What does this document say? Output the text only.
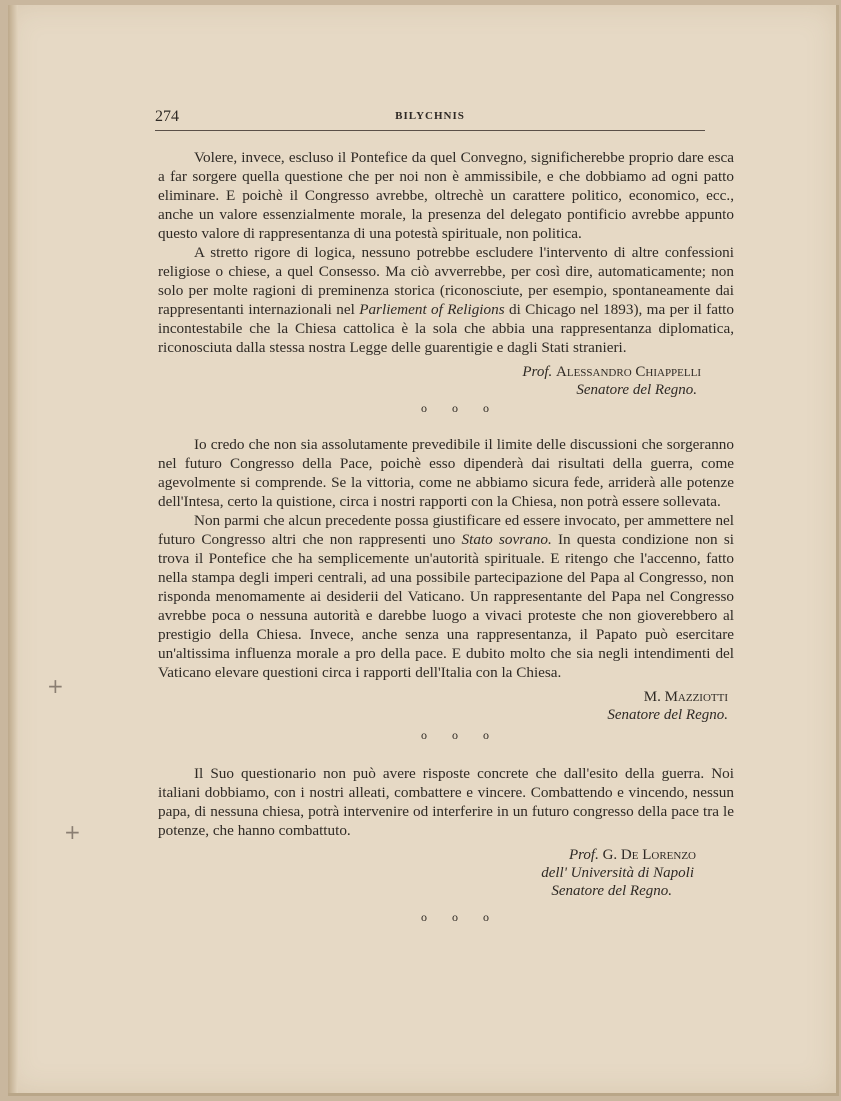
274	BILYCHNIS
+
+

Volere, invece, escluso il Pontefice da quel Convegno, significherebbe proprio dare esca a far sorgere quella questione che per noi non è ammissibile, e che dobbiamo ad ogni patto eliminare. E poichè il Congresso avrebbe, oltrechè un carattere politico, economico, ecc., anche un valore essenzialmente morale, la presenza del delegato pontificio avrebbe appunto questo valore di rappresentanza di una potestà spirituale, non politica.

A stretto rigore di logica, nessuno potrebbe escludere l'intervento di altre confessioni religiose o chiese, a quel Consesso. Ma ciò avverrebbe, per così dire, automaticamente; non solo per molte ragioni di preminenza storica (riconosciute, per esempio, spontaneamente dai rappresentanti internazionali nel Parliement of Religions di Chicago nel 1893), ma per il fatto incontestabile che la Chiesa cattolica è la sola che abbia una rappresentanza diplomatica, riconosciuta dalla stessa nostra Legge delle guarentigie e dagli Stati stranieri.

Prof. Alessandro Chiappelli
Senatore del Regno.
o o o

Io credo che non sia assolutamente prevedibile il limite delle discussioni che sorgeranno nel futuro Congresso della Pace, poichè esso dipenderà dai risultati della guerra, come agevolmente si comprende. Se la vittoria, come ne abbiamo sicura fede, arriderà alle potenze dell'Intesa, certo la quistione, circa i nostri rapporti con la Chiesa, non potrà essere sollevata.

Non parmi che alcun precedente possa giustificare ed essere invocato, per ammettere nel futuro Congresso altri che non rappresenti uno Stato sovrano. In questa condizione non si trova il Pontefice che ha semplicemente un'autorità spirituale. E ritengo che l'accenno, fatto nella stampa degli imperi centrali, ad una possibile partecipazione del Papa al Congresso, non risponda menomamente ai desiderii del Vaticano. Un rappresentante del Papa nel Congresso avrebbe poca o nessuna autorità e darebbe luogo a vivaci proteste che non gioverebbero al prestigio della Chiesa. Invece, anche senza una rappresentanza, il Papato può esercitare un'altissima influenza morale a pro della pace. E dubito molto che sia negli intendimenti del Vaticano elevare questioni circa i rapporti dell'Italia con la Chiesa.

M. Mazziotti
Senatore del Regno.
o o o

Il Suo questionario non può avere risposte concrete che dall'esito della guerra. Noi italiani dobbiamo, con i nostri alleati, combattere e vincere. Combattendo e vincendo, nessun papa, di nessuna chiesa, potrà intervenire od interferire in un futuro congresso della pace tra le potenze, che hanno combattuto.

Prof. G. De Lorenzo
dell' Università di Napoli
Senatore del Regno.
o o o
